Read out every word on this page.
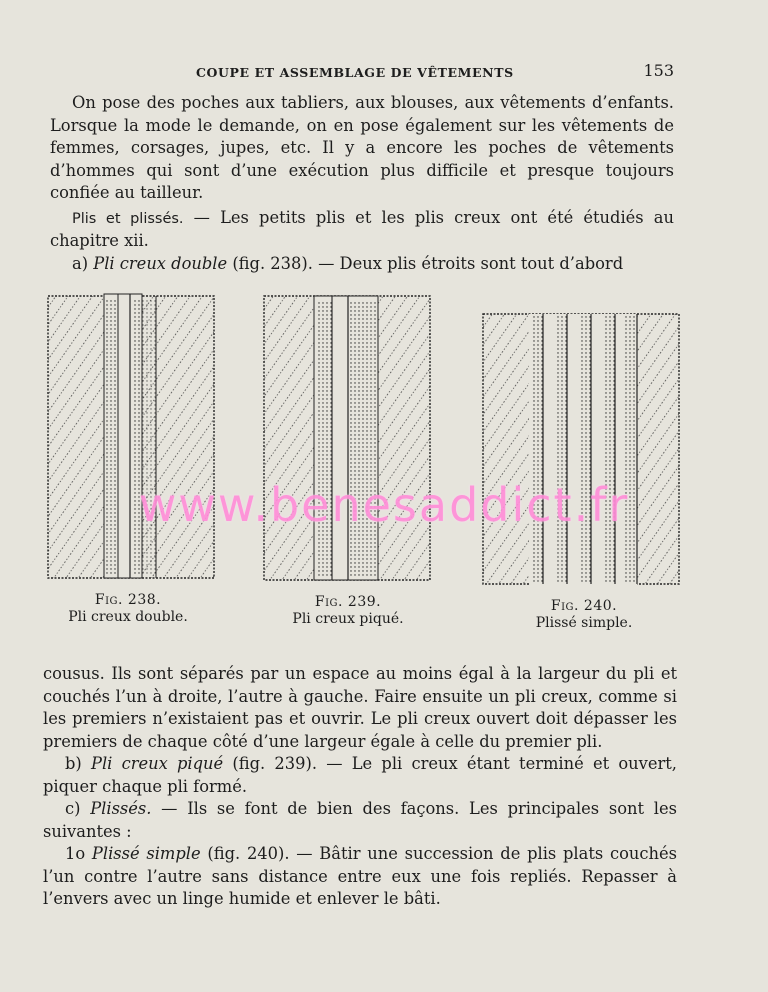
COUPE ET ASSEMBLAGE DE VÊTEMENTS	153

On pose des poches aux tabliers, aux blouses, aux vêtements d’enfants. Lorsque la mode le demande, on en pose également sur les vêtements de femmes, corsages, jupes, etc. Il y a encore les poches de vêtements d’hommes qui sont d’une exécution plus difficile et presque toujours confiée au tailleur.

Plis et plissés. — Les petits plis et les plis creux ont été étudiés au chapitre xii.

a) Pli creux double (fig. 238). — Deux plis étroits sont tout d’abord

Fig. 238.
Pli creux double.
Fig. 239.
Pli creux piqué.
Fig. 240.
Plissé simple.
www.benesaddict.fr

cousus. Ils sont séparés par un espace au moins égal à la largeur du pli et couchés l’un à droite, l’autre à gauche. Faire ensuite un pli creux, comme si les premiers n’existaient pas et ouvrir. Le pli creux ouvert doit dépasser les premiers de chaque côté d’une largeur égale à celle du premier pli.

b) Pli creux piqué (fig. 239). — Le pli creux étant terminé et ouvert, piquer chaque pli formé.

c) Plissés. — Ils se font de bien des façons. Les principales sont les suivantes :

1o Plissé simple (fig. 240). — Bâtir une succession de plis plats couchés l’un contre l’autre sans distance entre eux une fois repliés. Repasser à l’envers avec un linge humide et enlever le bâti.
